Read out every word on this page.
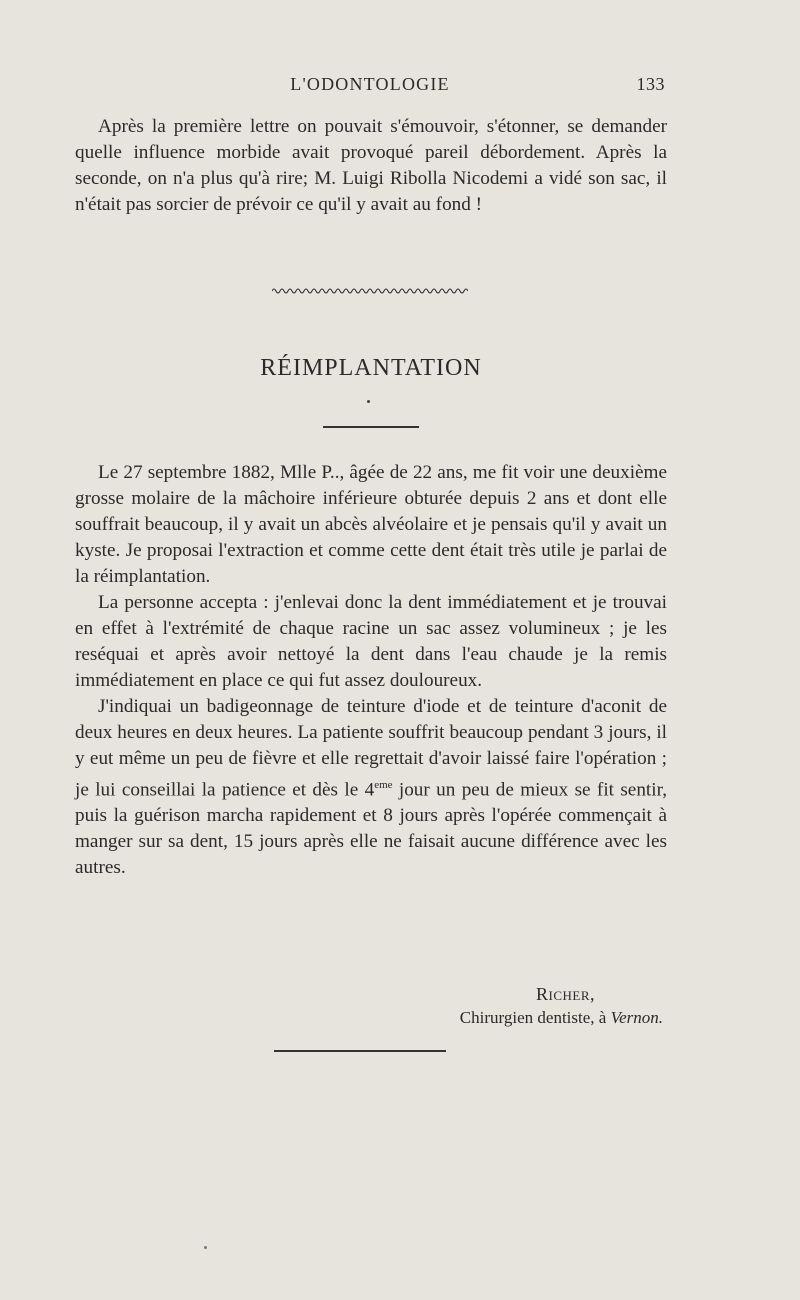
L'ODONTOLOGIE	133

Après la première lettre on pouvait s'émouvoir, s'étonner, se demander quelle influence morbide avait provoqué pareil débordement. Après la seconde, on n'a plus qu'à rire; M. Luigi Ribolla Nicodemi a vidé son sac, il n'était pas sorcier de prévoir ce qu'il y avait au fond !

RÉIMPLANTATION

Le 27 septembre 1882, Mlle P.., âgée de 22 ans, me fit voir une deuxième grosse molaire de la mâchoire inférieure obturée depuis 2 ans et dont elle souffrait beaucoup, il y avait un abcès alvéolaire et je pensais qu'il y avait un kyste. Je proposai l'extraction et comme cette dent était très utile je parlai de la réimplantation.

La personne accepta : j'enlevai donc la dent immédiatement et je trouvai en effet à l'extrémité de chaque racine un sac assez volumineux ; je les reséquai et après avoir nettoyé la dent dans l'eau chaude je la remis immédiatement en place ce qui fut assez douloureux.

J'indiquai un badigeonnage de teinture d'iode et de teinture d'aconit de deux heures en deux heures. La patiente souffrit beaucoup pendant 3 jours, il y eut même un peu de fièvre et elle regrettait d'avoir laissé faire l'opération ; je lui conseillai la patience et dès le 4eme jour un peu de mieux se fit sentir, puis la guérison marcha rapidement et 8 jours après l'opérée commençait à manger sur sa dent, 15 jours après elle ne faisait aucune différence avec les autres.

Richer,
Chirurgien dentiste, à Vernon.
